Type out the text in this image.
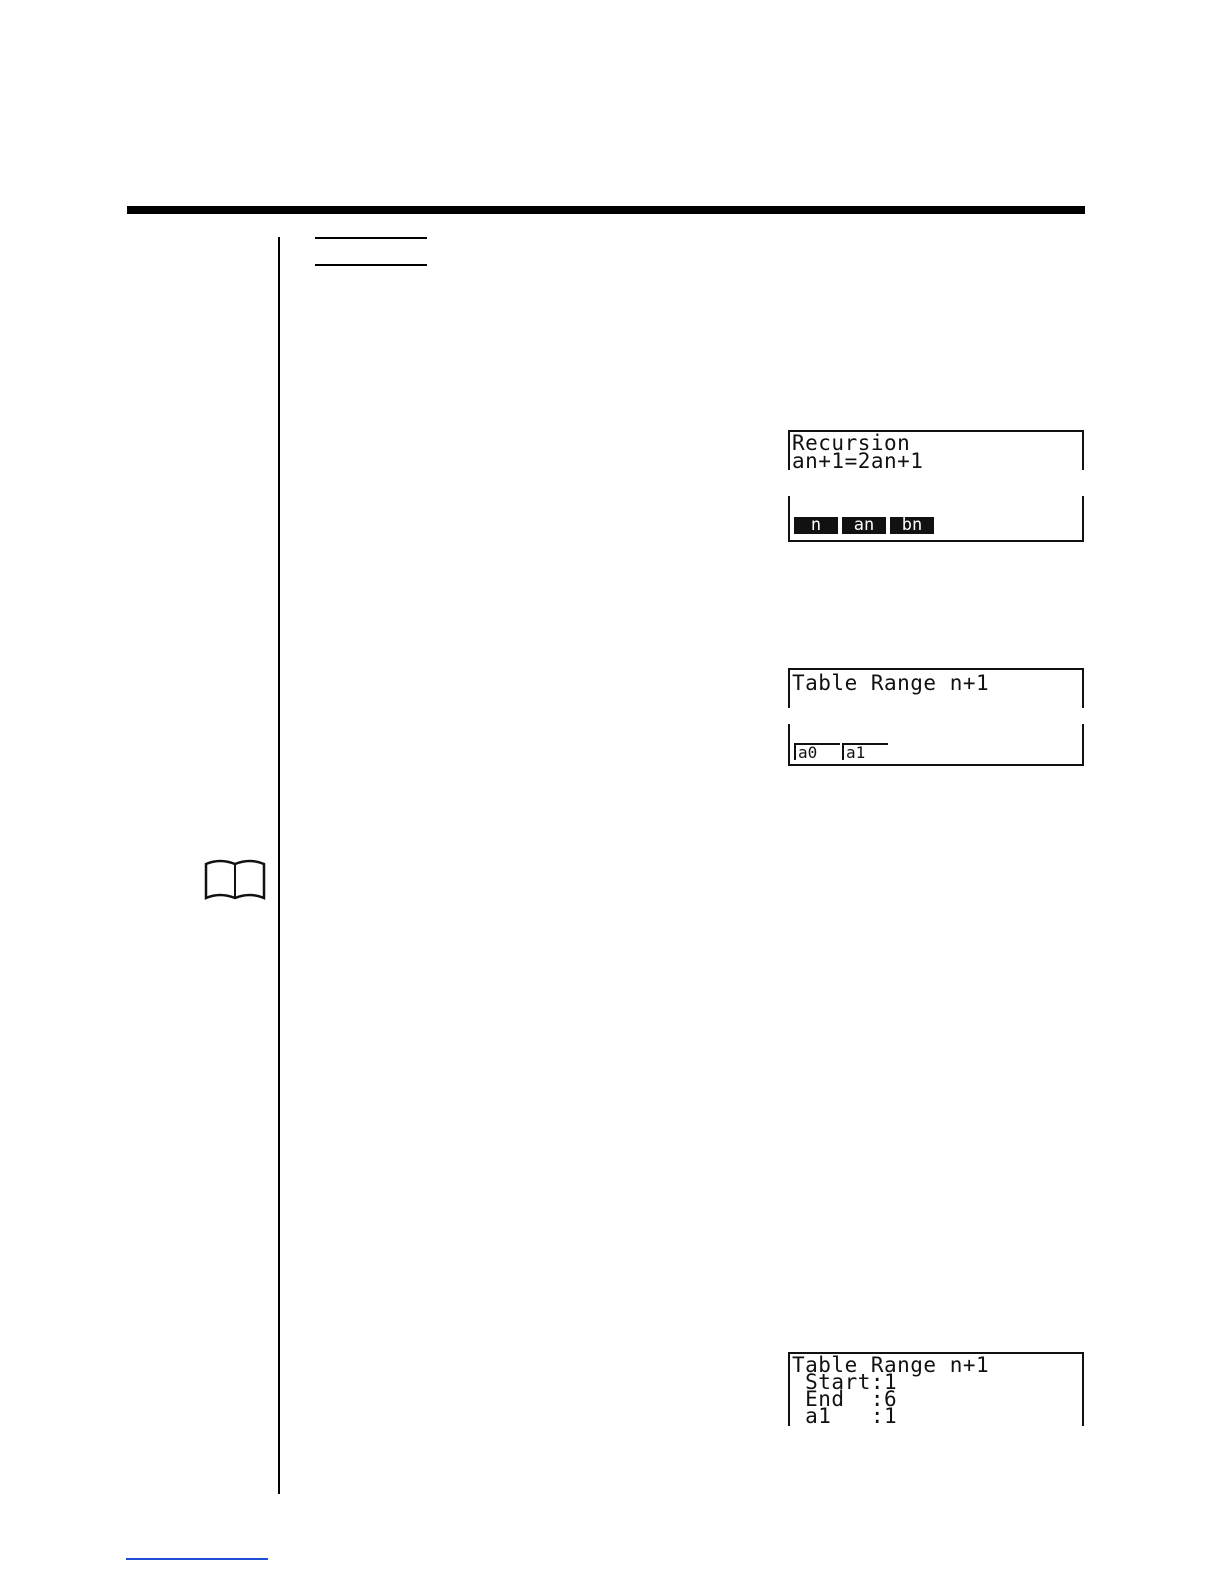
Recursion
an+1=2an+1
n	an	bn
Table Range n+1
a0	a1
Table Range n+1
Start:1
End  :6
a1   :1
